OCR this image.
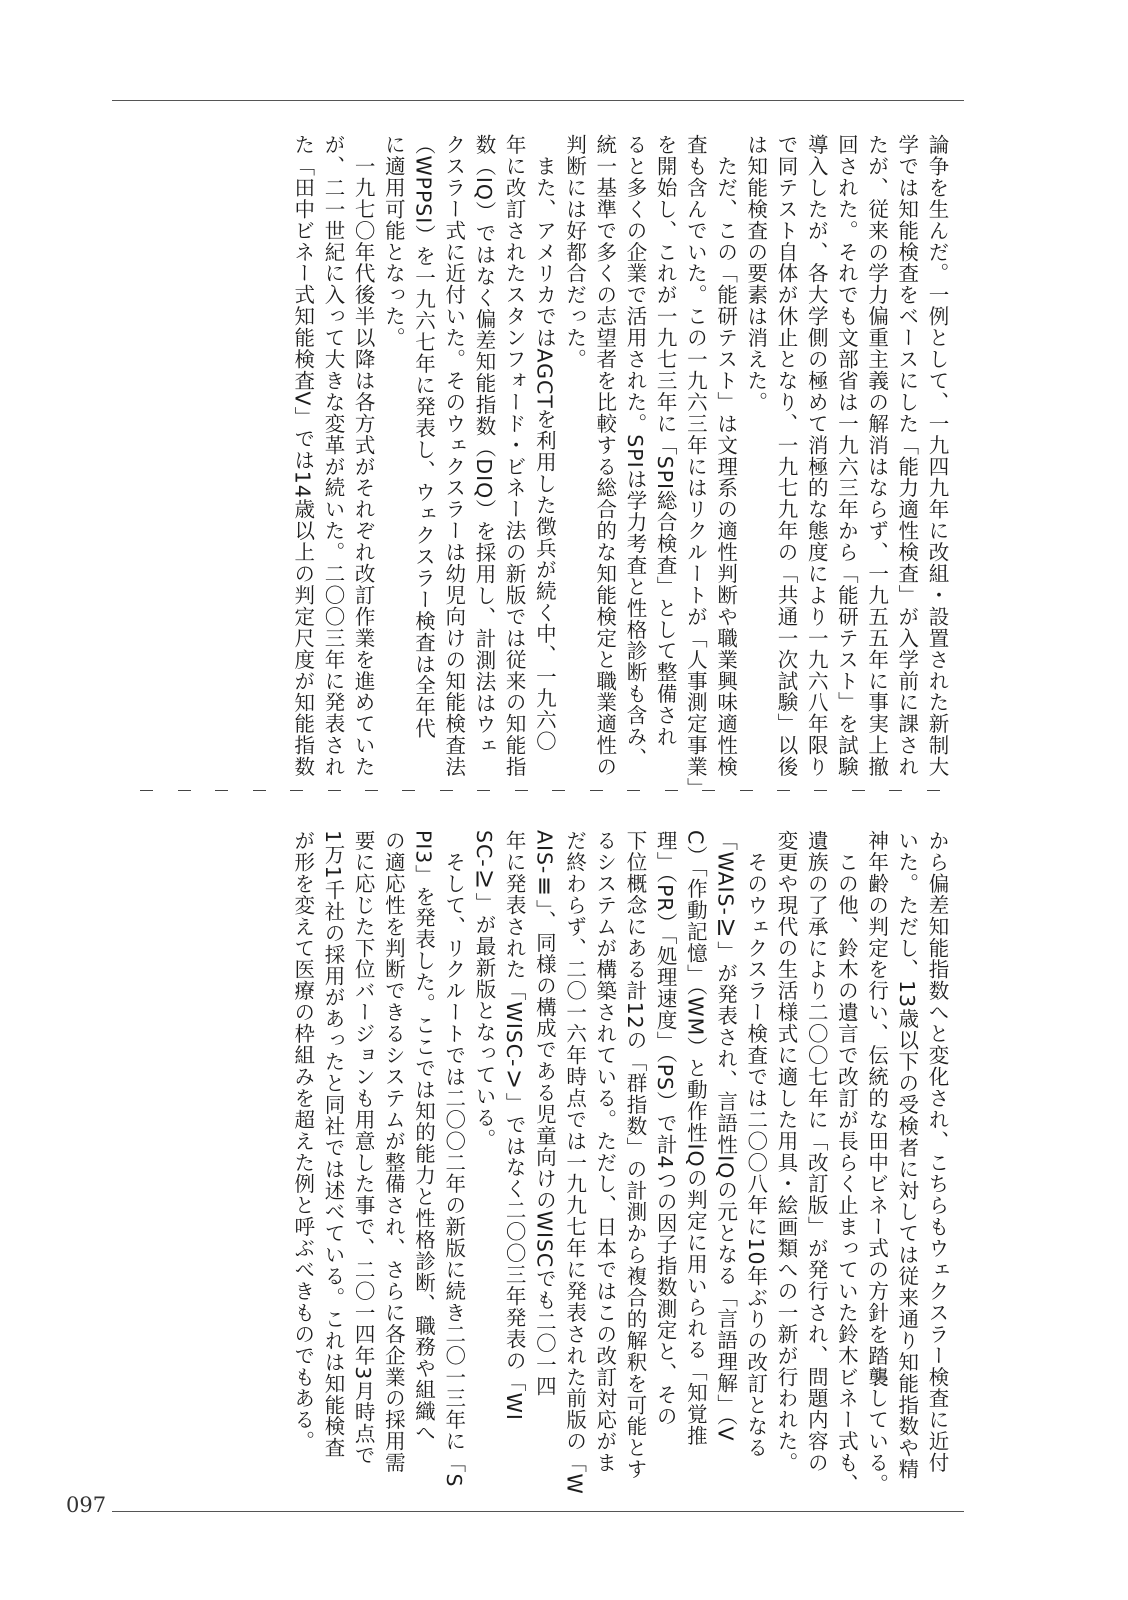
論争を生んだ。一例として、一九四九年に改組・設置された新制大
学では知能検査をベースにした「能力適性検査」が入学前に課され
たが、従来の学力偏重主義の解消はならず、一九五五年に事実上撤
回された。それでも文部省は一九六三年から「能研テスト」を試験
導入したが、各大学側の極めて消極的な態度により一九六八年限り
で同テスト自体が休止となり、一九七九年の「共通一次試験」以後
は知能検査の要素は消えた。
　ただ、この「能研テスト」は文理系の適性判断や職業興味適性検
査も含んでいた。この一九六三年にはリクルートが「人事測定事業」
を開始し、これが一九七三年に「SPI総合検査」として整備され
ると多くの企業で活用された。SPIは学力考査と性格診断も含み、
統一基準で多くの志望者を比較する総合的な知能検定と職業適性の
判断には好都合だった。
　また、アメリカではAGCTを利用した徴兵が続く中、一九六〇
年に改訂されたスタンフォード・ビネー法の新版では従来の知能指
数（IQ）ではなく偏差知能指数（DIQ）を採用し、計測法はウェ
クスラー式に近付いた。そのウェクスラーは幼児向けの知能検査法
（WPPSI）を一九六七年に発表し、ウェクスラー検査は全年代
に適用可能となった。
　一九七〇年代後半以降は各方式がそれぞれ改訂作業を進めていた
が、二一世紀に入って大きな変革が続いた。二〇〇三年に発表され
た「田中ビネー式知能検査V」では14歳以上の判定尺度が知能指数
から偏差知能指数へと変化され、こちらもウェクスラー検査に近付
いた。ただし、13歳以下の受検者に対しては従来通り知能指数や精
神年齢の判定を行い、伝統的な田中ビネー式の方針を踏襲している。
　この他、鈴木の遺言で改訂が長らく止まっていた鈴木ビネー式も、
遺族の了承により二〇〇七年に「改訂版」が発行され、問題内容の
変更や現代の生活様式に適した用具・絵画類への一新が行われた。
　そのウェクスラー検査では二〇〇八年に10年ぶりの改訂となる
「WAIS-Ⅳ」が発表され、言語性IQの元となる「言語理解」（V
C）「作動記憶」（WM）と動作性IQの判定に用いられる「知覚推
理」（PR）「処理速度」（PS）で計4つの因子指数測定と、その
下位概念にある計12の「群指数」の計測から複合的解釈を可能とす
るシステムが構築されている。ただし、日本ではこの改訂対応がま
だ終わらず、二〇一六年時点では一九九七年に発表された前版の「W
AIS-Ⅲ」、同様の構成である児童向けのWISCでも二〇一四
年に発表された「WISC-Ⅴ」ではなく二〇〇三年発表の「WI
SC-Ⅳ」が最新版となっている。
　そして、リクルートでは二〇〇二年の新版に続き二〇一三年に「S
PI3」を発表した。ここでは知的能力と性格診断、職務や組織へ
の適応性を判断できるシステムが整備され、さらに各企業の採用需
要に応じた下位バージョンも用意した事で、二〇一四年3月時点で
1万1千社の採用があったと同社では述べている。これは知能検査
が形を変えて医療の枠組みを超えた例と呼ぶべきものでもある。
097
